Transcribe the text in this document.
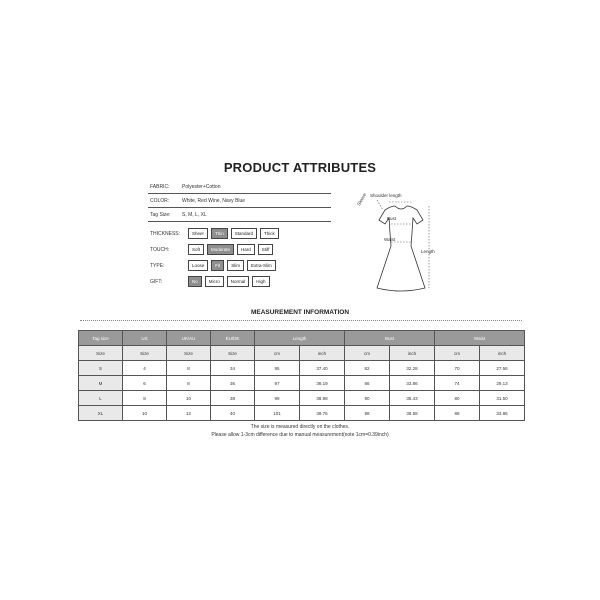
PRODUCT ATTRIBUTES
FABRIC:	Polyester+Cotton
COLOR:	White, Red Wine, Navy Blue
Tag Size: S, M, L, XL
THICKNESS:	Sheer	Thin	Standard	Thick
TOUCH:	Soft	Moderate	Hard	Stiff
TYPE:	Loose	Fit	Slim	Extra-Slim
GIFT:	No	Micro	Normal	High
Shoulder length
Sleeve
Bust
Waist
Length
MEASUREMENT INFORMATION
Tag size	US	UK/AU	EU/DE	Length		Bust		Waist	
Size	Size	Size	Size	cm	inch	cm	inch	cm	inch
S	4	8	34	95	37.40	82	32.28	70	27.56
M	6	8	36	97	38.19	86	33.86	74	29.13
L	8	10	38	99	38.98	90	35.43	80	31.50
XL	10	12	40	101	39.76	98	38.58	88	33.86
The size is measured directly on the clothes.
Please allow 1-3cm difference due to manual measurement(note 1cm=0.39inch)
